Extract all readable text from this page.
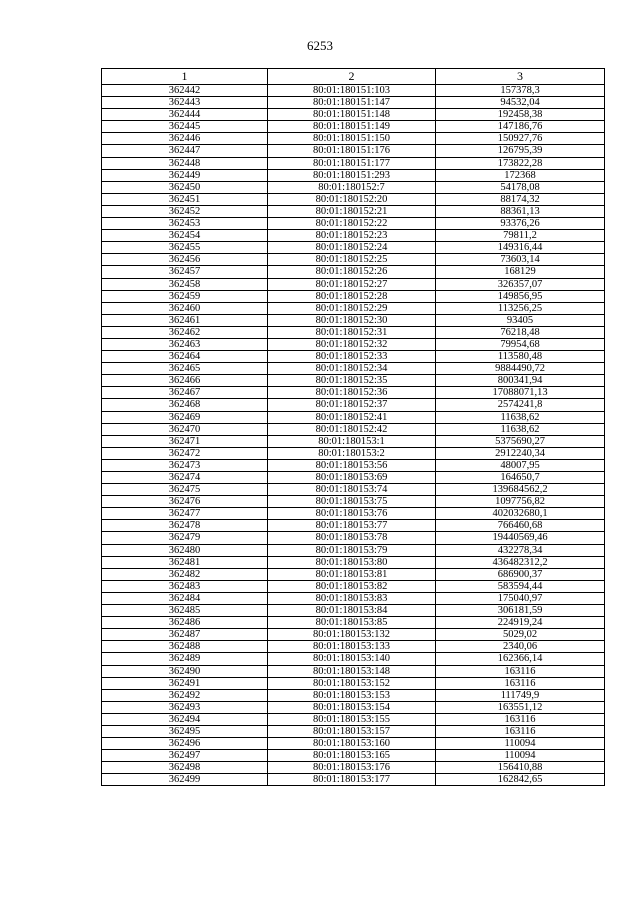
6253
1	2	3
362442	80:01:180151:103	157378,3
362443	80:01:180151:147	94532,04
362444	80:01:180151:148	192458,38
362445	80:01:180151:149	147186,76
362446	80:01:180151:150	150927,76
362447	80:01:180151:176	126795,39
362448	80:01:180151:177	173822,28
362449	80:01:180151:293	172368
362450	80:01:180152:7	54178,08
362451	80:01:180152:20	88174,32
362452	80:01:180152:21	88361,13
362453	80:01:180152:22	93376,26
362454	80:01:180152:23	79811,2
362455	80:01:180152:24	149316,44
362456	80:01:180152:25	73603,14
362457	80:01:180152:26	168129
362458	80:01:180152:27	326357,07
362459	80:01:180152:28	149856,95
362460	80:01:180152:29	113256,25
362461	80:01:180152:30	93405
362462	80:01:180152:31	76218,48
362463	80:01:180152:32	79954,68
362464	80:01:180152:33	113580,48
362465	80:01:180152:34	9884490,72
362466	80:01:180152:35	800341,94
362467	80:01:180152:36	17088071,13
362468	80:01:180152:37	2574241,8
362469	80:01:180152:41	11638,62
362470	80:01:180152:42	11638,62
362471	80:01:180153:1	5375690,27
362472	80:01:180153:2	2912240,34
362473	80:01:180153:56	48007,95
362474	80:01:180153:69	164650,7
362475	80:01:180153:74	139684562,2
362476	80:01:180153:75	1097756,82
362477	80:01:180153:76	402032680,1
362478	80:01:180153:77	766460,68
362479	80:01:180153:78	19440569,46
362480	80:01:180153:79	432278,34
362481	80:01:180153:80	436482312,2
362482	80:01:180153:81	686900,37
362483	80:01:180153:82	583594,44
362484	80:01:180153:83	175040,97
362485	80:01:180153:84	306181,59
362486	80:01:180153:85	224919,24
362487	80:01:180153:132	5029,02
362488	80:01:180153:133	2340,06
362489	80:01:180153:140	162366,14
362490	80:01:180153:148	163116
362491	80:01:180153:152	163116
362492	80:01:180153:153	111749,9
362493	80:01:180153:154	163551,12
362494	80:01:180153:155	163116
362495	80:01:180153:157	163116
362496	80:01:180153:160	110094
362497	80:01:180153:165	110094
362498	80:01:180153:176	156410,88
362499	80:01:180153:177	162842,65
